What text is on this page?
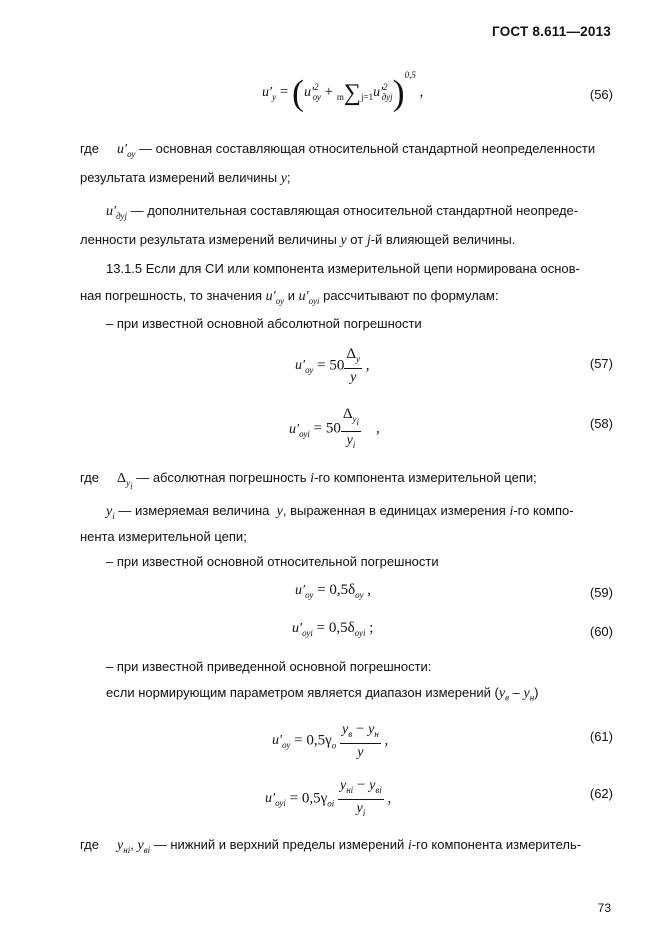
ГОСТ 8.611—2013
$u'_y = (u'^2_{оу} + m\sum j=1u'^2_{дуj})^{0,5}$ ,	(56)
где $u'_{оу}$ — основная составляющая относительной стандартной неопределенности
результата измерений величины y;
$u'_{дуj}$ — дополнительная составляющая относительной стандартной неопреде-
ленности результата измерений величины y от j-й влияющей величины.
13.1.5 Если для СИ или компонента измерительной цепи нормирована основ-
ная погрешность, то значения $u'_{оу}$ и $u'_{оуi}$ рассчитывают по формулам:
– при известной основной абсолютной погрешности
$u'_{оу} = 50 \frac{\Delta_y}{y}$ ,	(57)
$u'_{оуi} = 50 \frac{\Delta_{y_i}}{y_i}$ ,	(58)
где $\Delta_{y_i}$ — абсолютная погрешность i-го компонента измерительной цепи;
$y_i$ — измеряемая величина y, выраженная в единицах измерения i-го компо-
нента измерительной цепи;
– при известной основной относительной погрешности
$u'_{оу} = 0,5\delta_{оу}$ ,	(59)
$u'_{оуi} = 0,5\delta_{оуi}$ ;	(60)
– при известной приведенной основной погрешности:
если нормирующим параметром является диапазон измерений $(y_в - y_н)$
$u'_{оу} = 0,5\gamma_о \frac{y_в - y_н}{y}$ ,	(61)
$u'_{оуi} = 0,5\gamma_{оi} \frac{y_{нi} - y_{вi}}{y_i}$ ,	(62)
где $y_{нi}$, $y_{вi}$ — нижний и верхний пределы измерений i-го компонента измеритель-
73
